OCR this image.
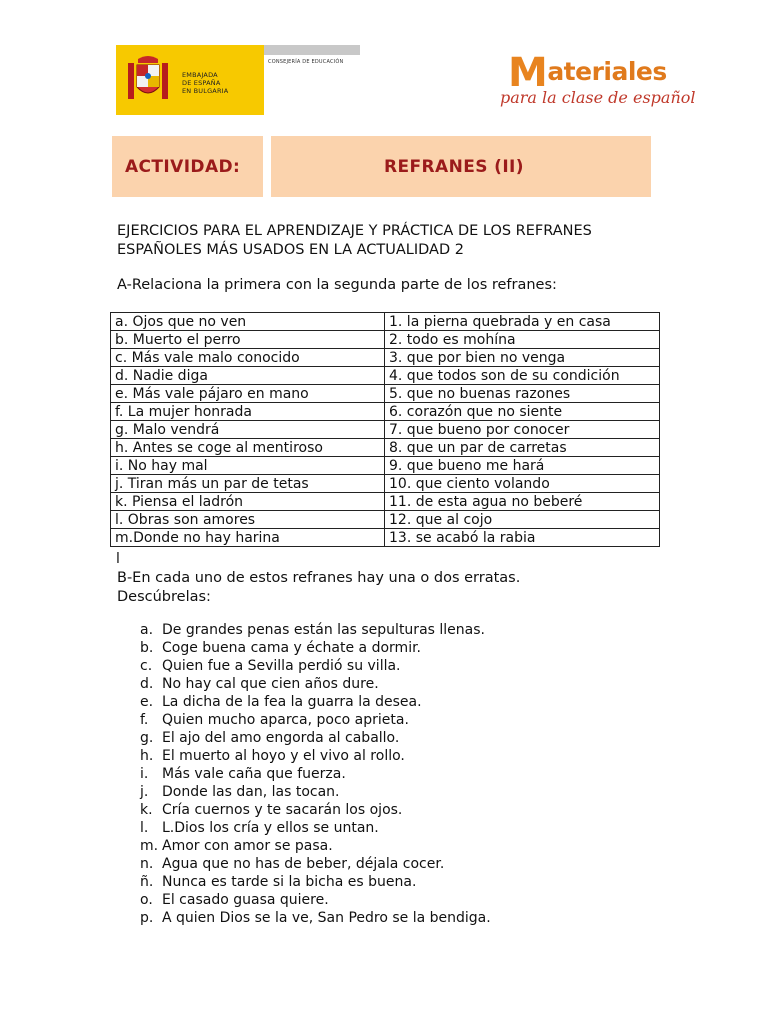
EMBAJADA
DE ESPAÑA
EN BULGARIA
CONSEJERÍA DE EDUCACIÓN	Materiales
para la clase de español
ACTIVIDAD:	REFRANES (II)
EJERCICIOS PARA EL APRENDIZAJE Y PRÁCTICA DE LOS REFRANES ESPAÑOLES MÁS USADOS EN LA ACTUALIDAD 2
A-Relaciona la primera con la segunda parte de los refranes:
a. Ojos que no ven	1. la pierna quebrada y en casa
b. Muerto el perro	2. todo es mohína
c. Más vale malo conocido	3. que por bien no venga
d. Nadie diga	4. que todos son de su condición
e. Más vale pájaro en mano	5. que no buenas razones
f. La mujer honrada	6. corazón que no siente
g. Malo vendrá	7. que bueno por conocer
h. Antes se coge al mentiroso	8. que un par de carretas
i. No hay mal	9. que bueno me hará
j. Tiran más un par de tetas	10. que ciento volando
k. Piensa el ladrón	11. de esta agua no beberé
l. Obras son amores	12. que al cojo
m.Donde no hay harina	13. se acabó la rabia
l
B-En cada uno de estos refranes hay una o dos erratas.
Descúbrelas:
a. De grandes penas están las sepulturas llenas.
b. Coge buena cama y échate a dormir.
c. Quien fue a Sevilla perdió su villa.
d. No hay cal que cien años dure.
e. La dicha de la fea la guarra la desea.
f. Quien mucho aparca, poco aprieta.
g. El ajo del amo engorda al caballo.
h. El muerto al hoyo y el vivo al rollo.
i. Más vale caña que fuerza.
j. Donde las dan, las tocan.
k. Cría cuernos y te sacarán los ojos.
l. L.Dios los cría y ellos se untan.
m. Amor con amor se pasa.
n. Agua que no has de beber, déjala cocer.
ñ. Nunca es tarde si la bicha es buena.
o. El casado guasa quiere.
p. A quien Dios se la ve, San Pedro se la bendiga.
